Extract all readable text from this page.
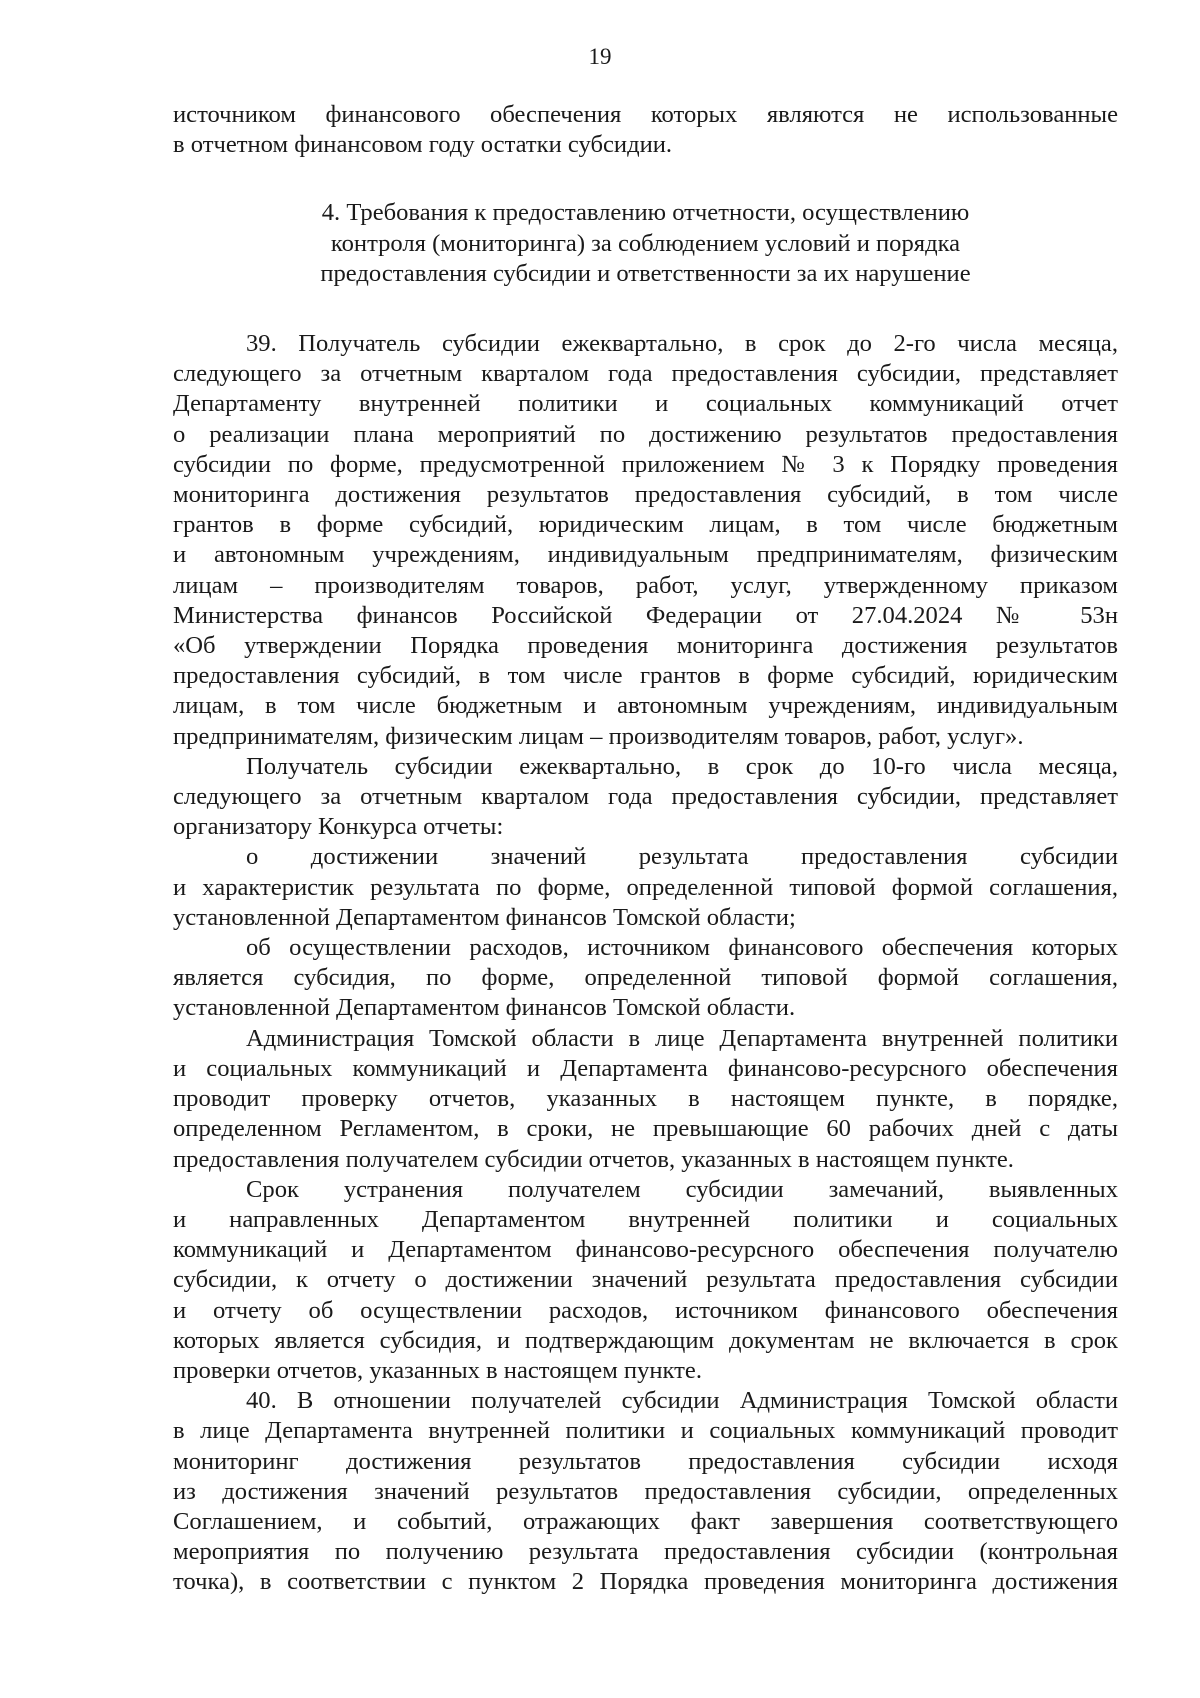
19
источником финансового обеспечения которых являются не использованные
в отчетном финансовом году остатки субсидии.
4. Требования к предоставлению отчетности, осуществлению
контроля (мониторинга) за соблюдением условий и порядка
предоставления субсидии и ответственности за их нарушение
39. Получатель субсидии ежеквартально, в срок до 2-го числа месяца,
следующего за отчетным кварталом года предоставления субсидии, представляет
Департаменту внутренней политики и социальных коммуникаций отчет
о реализации плана мероприятий по достижению результатов предоставления
субсидии по форме, предусмотренной приложением № 3 к Порядку проведения
мониторинга достижения результатов предоставления субсидий, в том числе
грантов в форме субсидий, юридическим лицам, в том числе бюджетным
и автономным учреждениям, индивидуальным предпринимателям, физическим
лицам – производителям товаров, работ, услуг, утвержденному приказом
Министерства финансов Российской Федерации от 27.04.2024 № 53н
«Об утверждении Порядка проведения мониторинга достижения результатов
предоставления субсидий, в том числе грантов в форме субсидий, юридическим
лицам, в том числе бюджетным и автономным учреждениям, индивидуальным
предпринимателям, физическим лицам – производителям товаров, работ, услуг».
Получатель субсидии ежеквартально, в срок до 10-го числа месяца,
следующего за отчетным кварталом года предоставления субсидии, представляет
организатору Конкурса отчеты:
о достижении значений результата предоставления субсидии
и характеристик результата по форме, определенной типовой формой соглашения,
установленной Департаментом финансов Томской области;
об осуществлении расходов, источником финансового обеспечения которых
является субсидия, по форме, определенной типовой формой соглашения,
установленной Департаментом финансов Томской области.
Администрация Томской области в лице Департамента внутренней политики
и социальных коммуникаций и Департамента финансово-ресурсного обеспечения
проводит проверку отчетов, указанных в настоящем пункте, в порядке,
определенном Регламентом, в сроки, не превышающие 60 рабочих дней с даты
предоставления получателем субсидии отчетов, указанных в настоящем пункте.
Срок устранения получателем субсидии замечаний, выявленных
и направленных Департаментом внутренней политики и социальных
коммуникаций и Департаментом финансово-ресурсного обеспечения получателю
субсидии, к отчету о достижении значений результата предоставления субсидии
и отчету об осуществлении расходов, источником финансового обеспечения
которых является субсидия, и подтверждающим документам не включается в срок
проверки отчетов, указанных в настоящем пункте.
40. В отношении получателей субсидии Администрация Томской области
в лице Департамента внутренней политики и социальных коммуникаций проводит
мониторинг достижения результатов предоставления субсидии исходя
из достижения значений результатов предоставления субсидии, определенных
Соглашением, и событий, отражающих факт завершения соответствующего
мероприятия по получению результата предоставления субсидии (контрольная
точка), в соответствии с пунктом 2 Порядка проведения мониторинга достижения
